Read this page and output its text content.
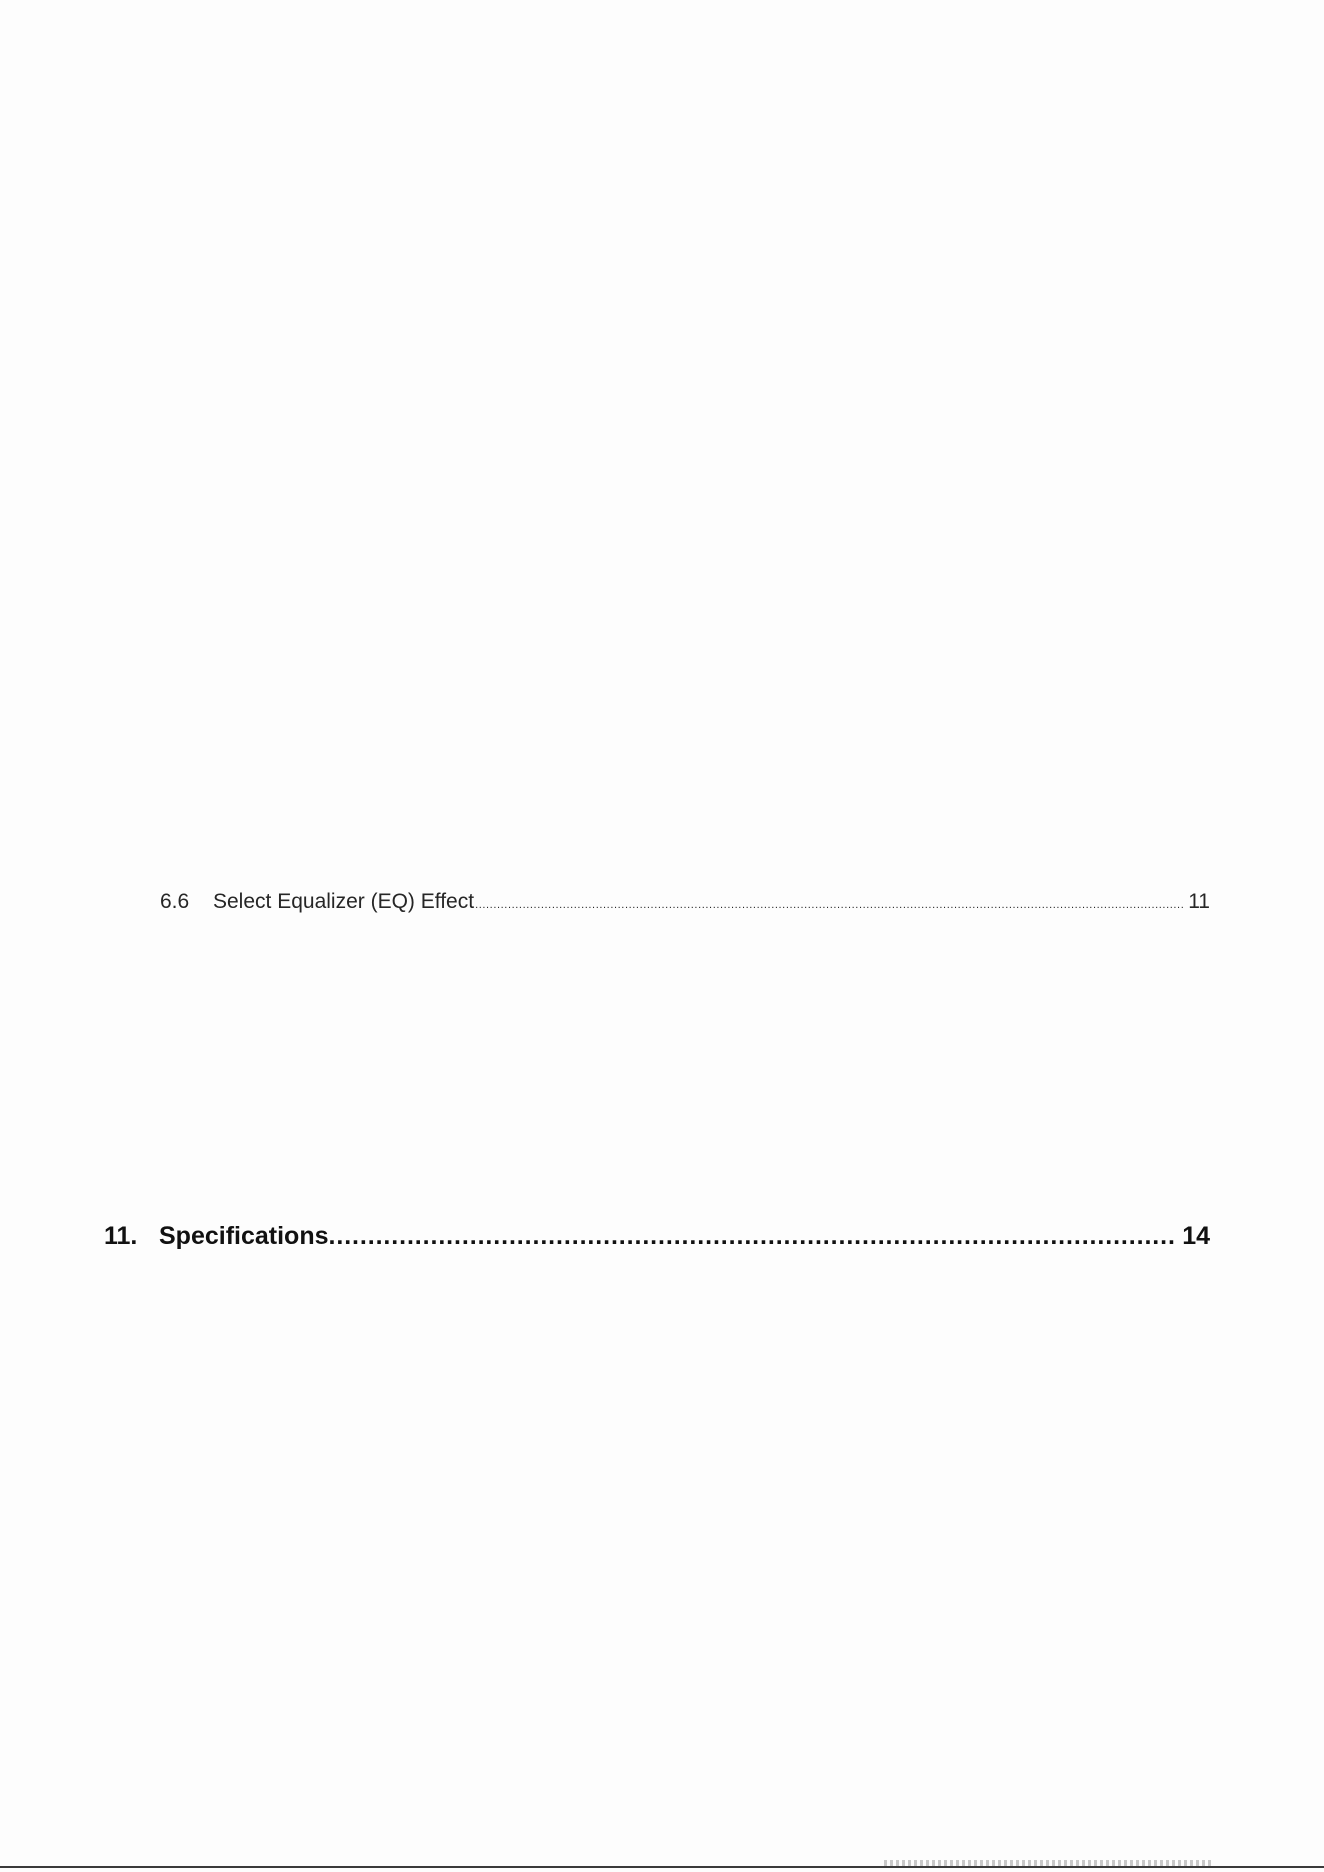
6.6	Select Equalizer (EQ) Effect .....	11
11. Specifications .....	14
